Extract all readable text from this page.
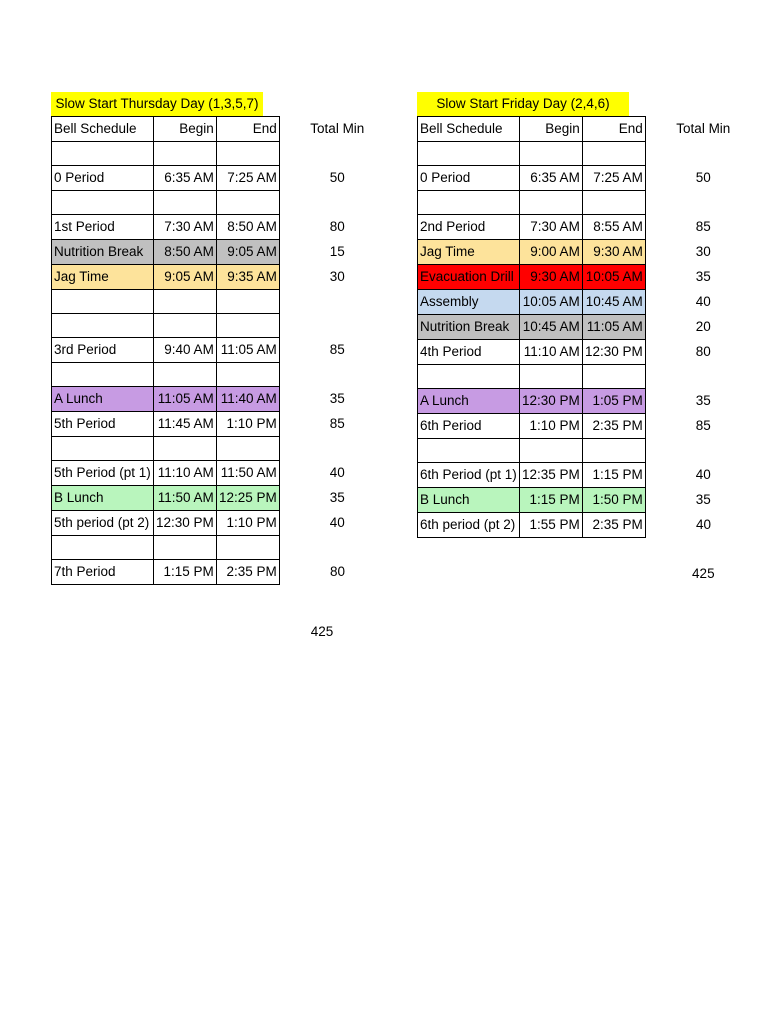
Slow Start Thursday Day (1,3,5,7)
Bell Schedule	Begin	End	Total Min

0 Period	6:35 AM	7:25 AM	50

1st Period	7:30 AM	8:50 AM	80
Nutrition Break	8:50 AM	9:05 AM	15
Jag Time	9:05 AM	9:35 AM	30

3rd Period	9:40 AM	11:05 AM	85

A Lunch	11:05 AM	11:40 AM	35
5th Period	11:45 AM	1:10 PM	85

5th Period (pt 1)	11:10 AM	11:50 AM	40
B Lunch	11:50 AM	12:25 PM	35
5th period (pt 2)	12:30 PM	1:10 PM	40

7th Period	1:15 PM	2:35 PM	80
Slow Start Friday Day (2,4,6)
Bell Schedule	Begin	End	Total Min

0 Period	6:35 AM	7:25 AM	50

2nd Period	7:30 AM	8:55 AM	85
Jag Time	9:00 AM	9:30 AM	30
Evacuation Drill	9:30 AM	10:05 AM	35
Assembly	10:05 AM	10:45 AM	40
Nutrition Break	10:45 AM	11:05 AM	20
4th Period	11:10 AM	12:30 PM	80

A Lunch	12:30 PM	1:05 PM	35
6th Period	1:10 PM	2:35 PM	85

6th Period (pt 1)	12:35 PM	1:15 PM	40
B Lunch	1:15 PM	1:50 PM	35
6th period (pt 2)	1:55 PM	2:35 PM	40

			425
425
